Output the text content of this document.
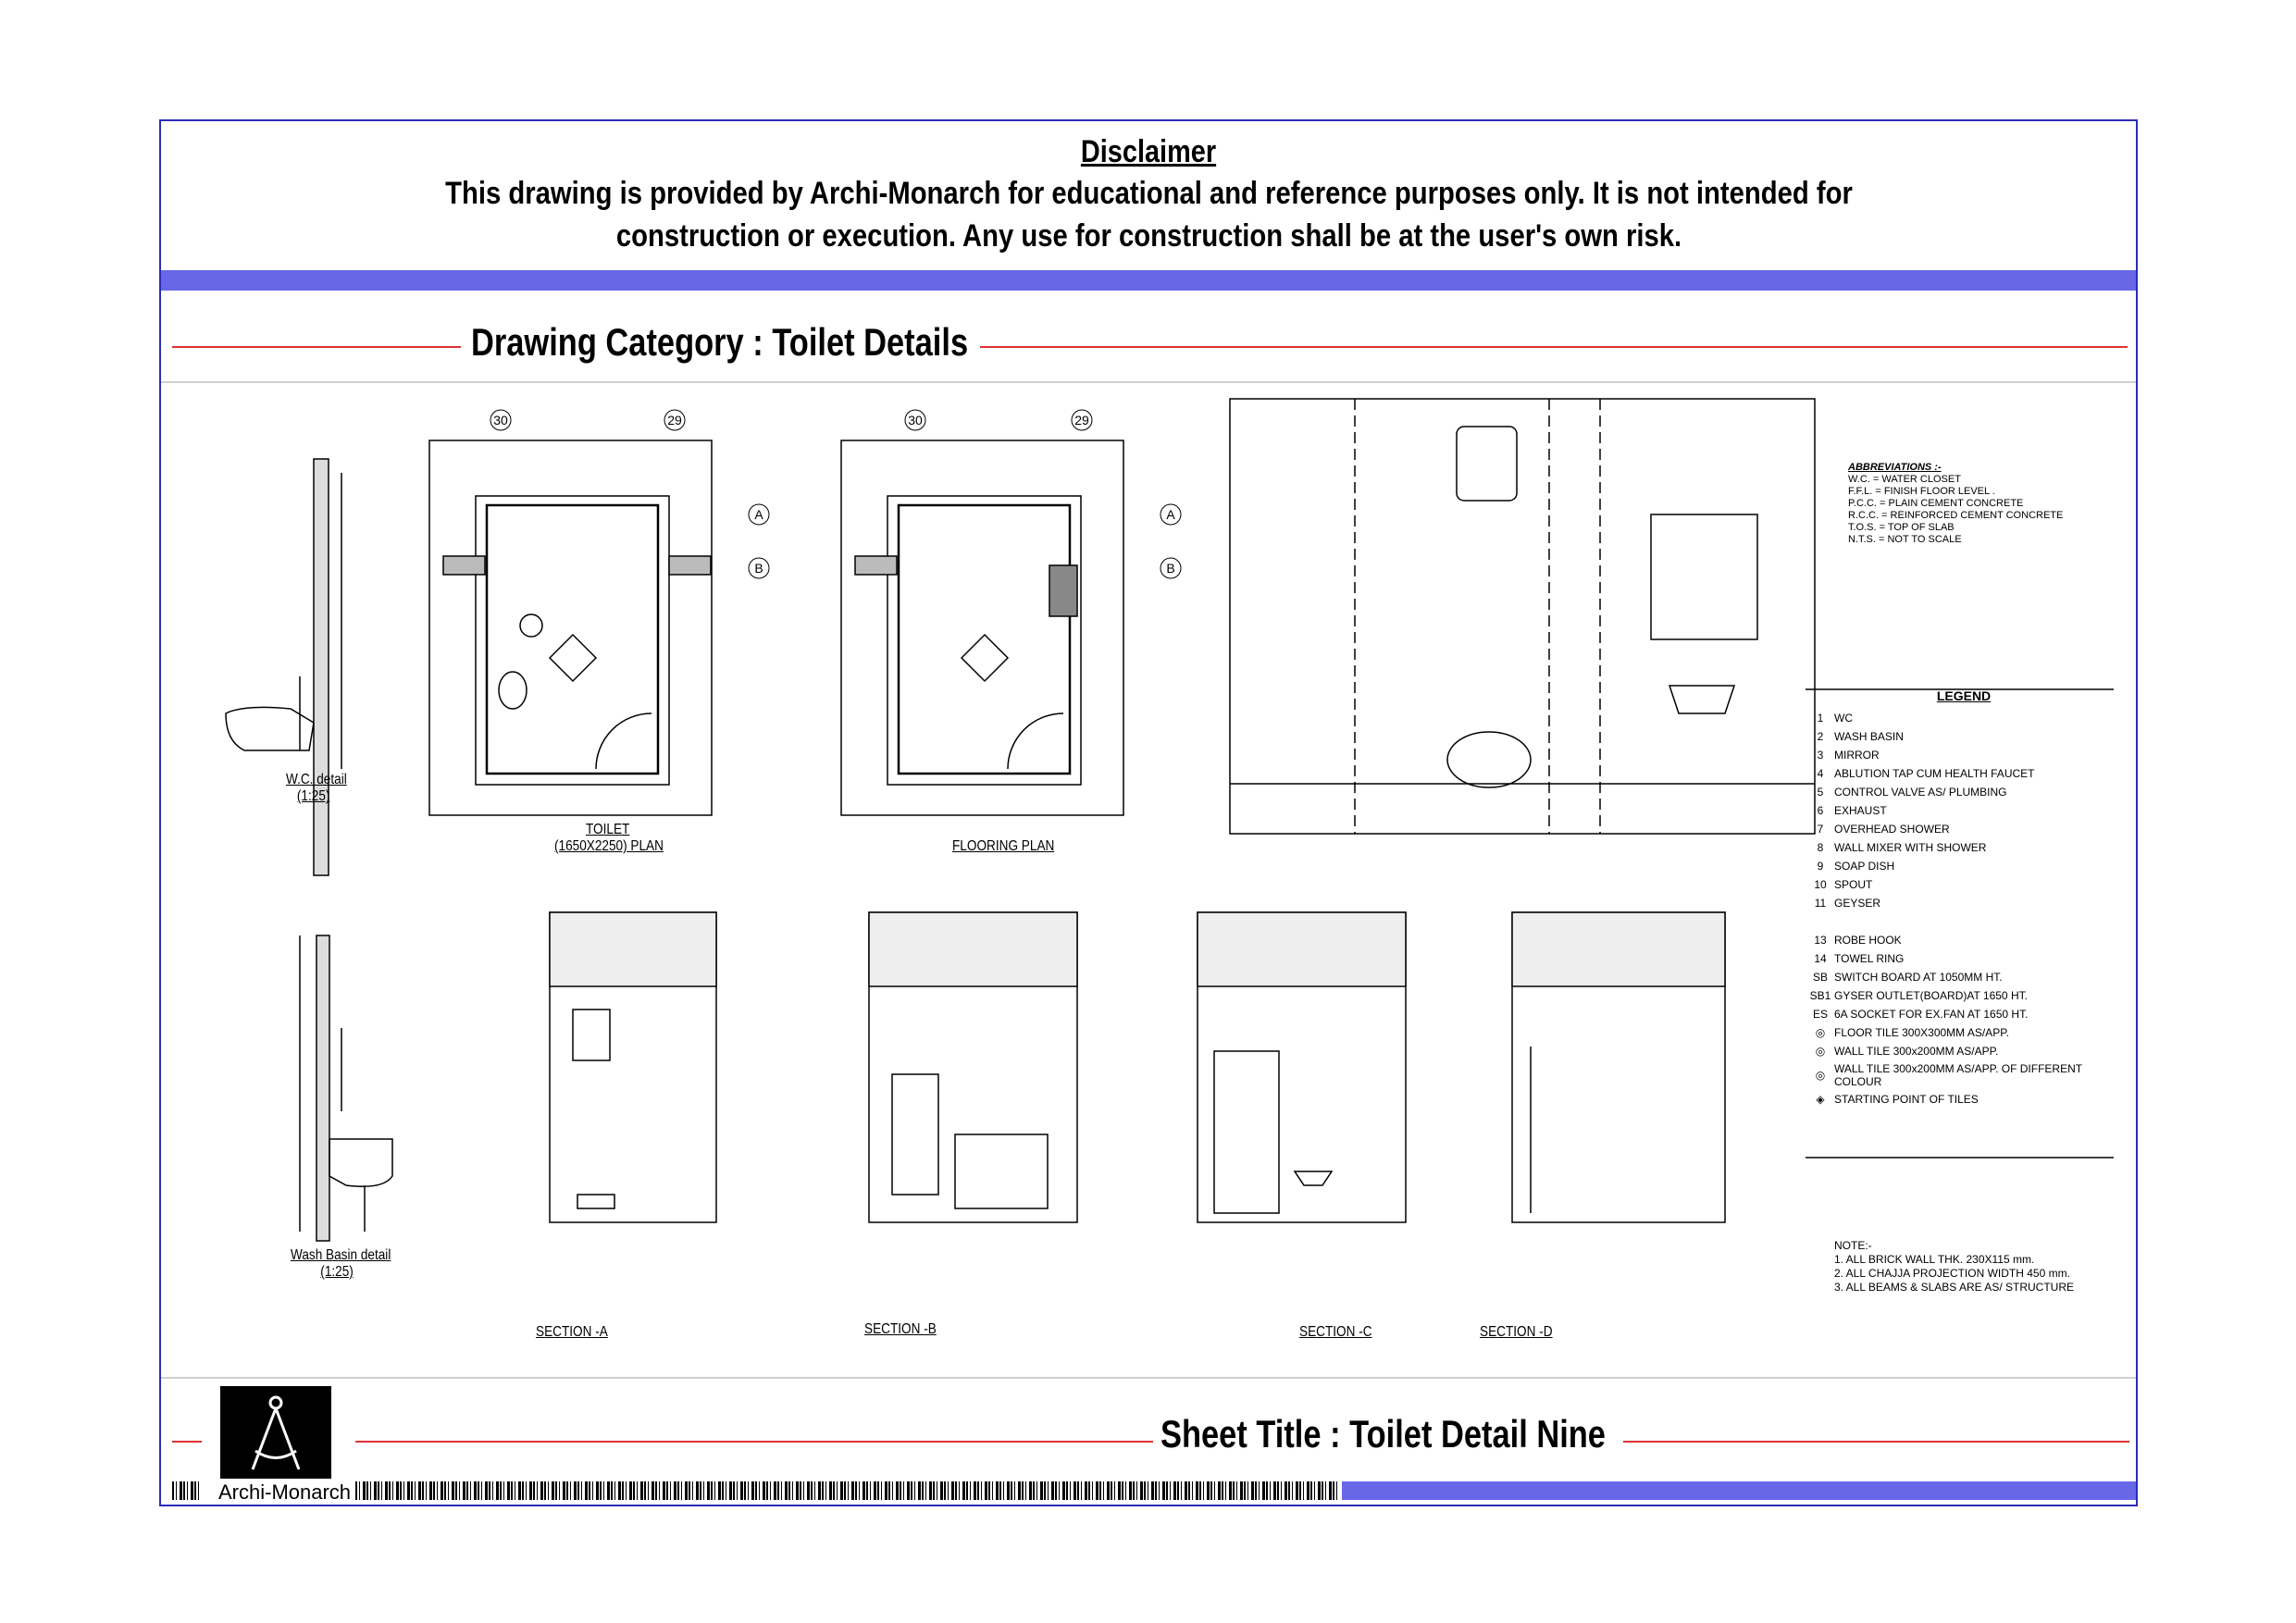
Disclaimer
This drawing is provided by Archi-Monarch for educational and reference purposes only. It is not intended for
construction or execution. Any use for construction shall be at the user's own risk.
Drawing Category : Toilet Details
30	29	30	29
A
B
A
B
W.C. detail
(1:25)
Wash Basin detail
(1:25)
TOILET
(1650X2250) PLAN	FLOORING PLAN
SECTION -A	SECTION -B	SECTION -C	SECTION -D
ABBREVIATIONS :-
W.C. = WATER CLOSET
F.F.L. = FINISH FLOOR LEVEL .
P.C.C. = PLAIN CEMENT CONCRETE
R.C.C. = REINFORCED CEMENT CONCRETE
T.O.S. = TOP OF SLAB
N.T.S. = NOT TO SCALE
LEGEND
1 WC
2 WASH BASIN
3 MIRROR
4 ABLUTION TAP CUM HEALTH FAUCET
5 CONTROL VALVE AS/ PLUMBING
6 EXHAUST
7 OVERHEAD SHOWER
8 WALL MIXER WITH SHOWER
9 SOAP DISH
10 SPOUT
11 GEYSER
13 ROBE HOOK
14 TOWEL RING
SB SWITCH BOARD AT 1050MM HT.
SB1 GYSER OUTLET(BOARD)AT 1650 HT.
ES 6A SOCKET FOR EX.FAN AT 1650 HT.
◎ FLOOR TILE 300X300MM AS/APP.
◎ WALL TILE 300x200MM AS/APP.
◎ WALL TILE 300x200MM AS/APP. OF DIFFERENT COLOUR
◈ STARTING POINT OF TILES
NOTE:-
1. ALL BRICK WALL THK. 230X115 mm.
2. ALL CHAJJA PROJECTION WIDTH 450 mm.
3. ALL BEAMS & SLABS ARE AS/ STRUCTURE
Archi-Monarch
Sheet Title : Toilet Detail Nine
